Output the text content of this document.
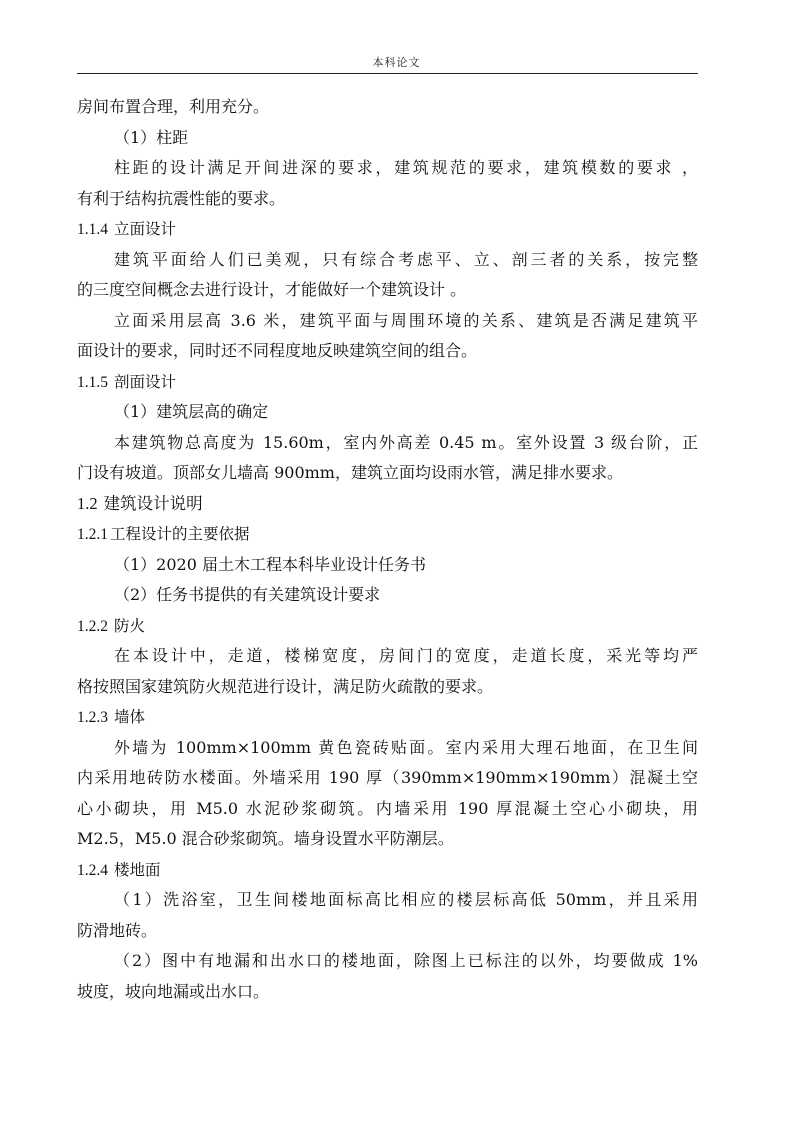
本科论文
房间布置合理，利用充分。
（1）柱距
柱距的设计满足开间进深的要求，建筑规范的要求，建筑模数的要求 ，
有利于结构抗震性能的要求。
1.1.4 立面设计
建筑平面给人们已美观，只有综合考虑平、立、剖三者的关系，按完整
的三度空间概念去进行设计，才能做好一个建筑设计 。
立面采用层高 3.6 米，建筑平面与周围环境的关系、建筑是否满足建筑平
面设计的要求，同时还不同程度地反映建筑空间的组合。
1.1.5 剖面设计
（1）建筑层高的确定
本建筑物总高度为 15.60m，室内外高差 0.45 m。室外设置 3 级台阶，正
门设有坡道。顶部女儿墙高 900mm，建筑立面均设雨水管，满足排水要求。
1.2 建筑设计说明
1.2.1 工程设计的主要依据
（1）2020 届土木工程本科毕业设计任务书
（2）任务书提供的有关建筑设计要求
1.2.2 防火
在本设计中，走道，楼梯宽度，房间门的宽度，走道长度，采光等均严
格按照国家建筑防火规范进行设计，满足防火疏散的要求。
1.2.3 墙体
外墙为 100mm×100mm 黄色瓷砖贴面。室内采用大理石地面，在卫生间
内采用地砖防水楼面。外墙采用 190 厚（390mm×190mm×190mm）混凝土空
心小砌块，用 M5.0 水泥砂浆砌筑。内墙采用 190 厚混凝土空心小砌块，用
M2.5，M5.0 混合砂浆砌筑。墙身设置水平防潮层。
1.2.4 楼地面
（1）洗浴室，卫生间楼地面标高比相应的楼层标高低 50mm，并且采用
防滑地砖。
（2）图中有地漏和出水口的楼地面，除图上已标注的以外，均要做成 1%
坡度，坡向地漏或出水口。
